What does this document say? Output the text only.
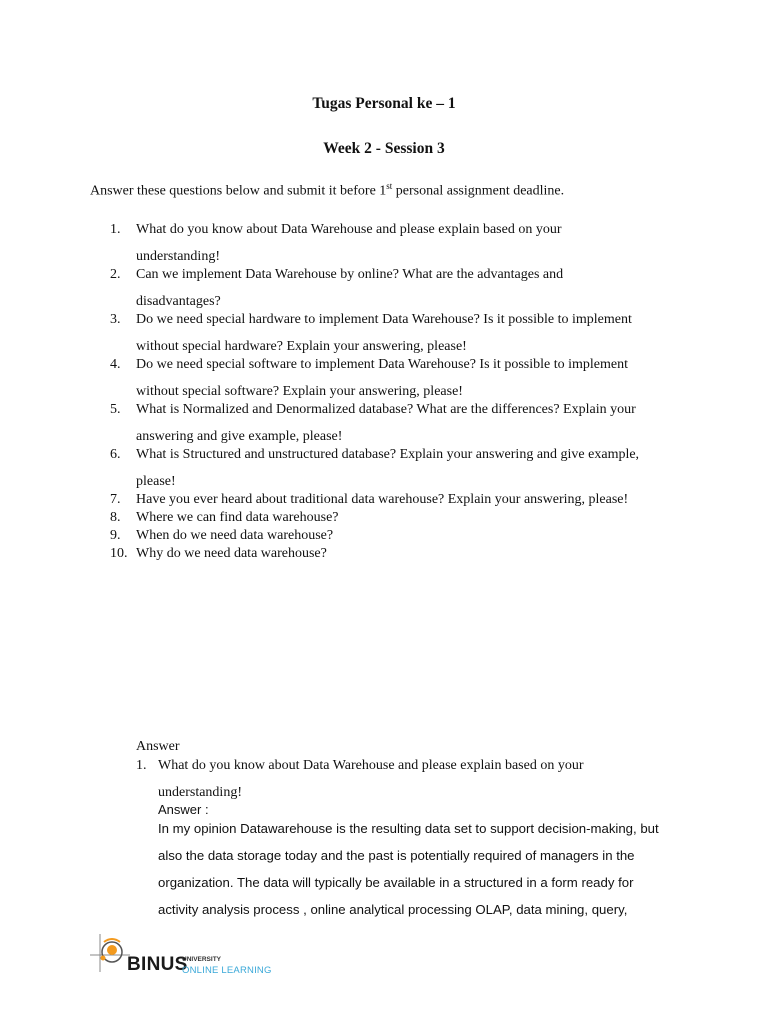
Tugas Personal ke – 1
Week 2 - Session 3
Answer these questions below and submit it before 1st personal assignment deadline.
1.	What do you know about Data Warehouse and please explain based on your
understanding!
2.	Can we implement Data Warehouse by online? What are the advantages and
disadvantages?
3.	Do we need special hardware to implement Data Warehouse? Is it possible to implement
without special hardware? Explain your answering, please!
4.	Do we need special software to implement Data Warehouse? Is it possible to implement
without special software? Explain your answering, please!
5.	What is Normalized and Denormalized database? What are the differences? Explain your
answering and give example, please!
6.	What is Structured and unstructured database? Explain your answering and give example,
please!
7.	Have you ever heard about traditional data warehouse? Explain your answering, please!
8.	Where we can find data warehouse?
9.	When do we need data warehouse?
10. Why do we need data warehouse?
Answer
1. What do you know about Data Warehouse and please explain based on your
understanding!
Answer :
In my opinion Datawarehouse is the resulting data set to support decision-making, but
also the data storage today and the past is potentially required of managers in the
organization. The data will typically be available in a structured in a form ready for
activity analysis process , online analytical processing OLAP, data mining, query,
BINUS
UNIVERSITY
ONLINE LEARNING
